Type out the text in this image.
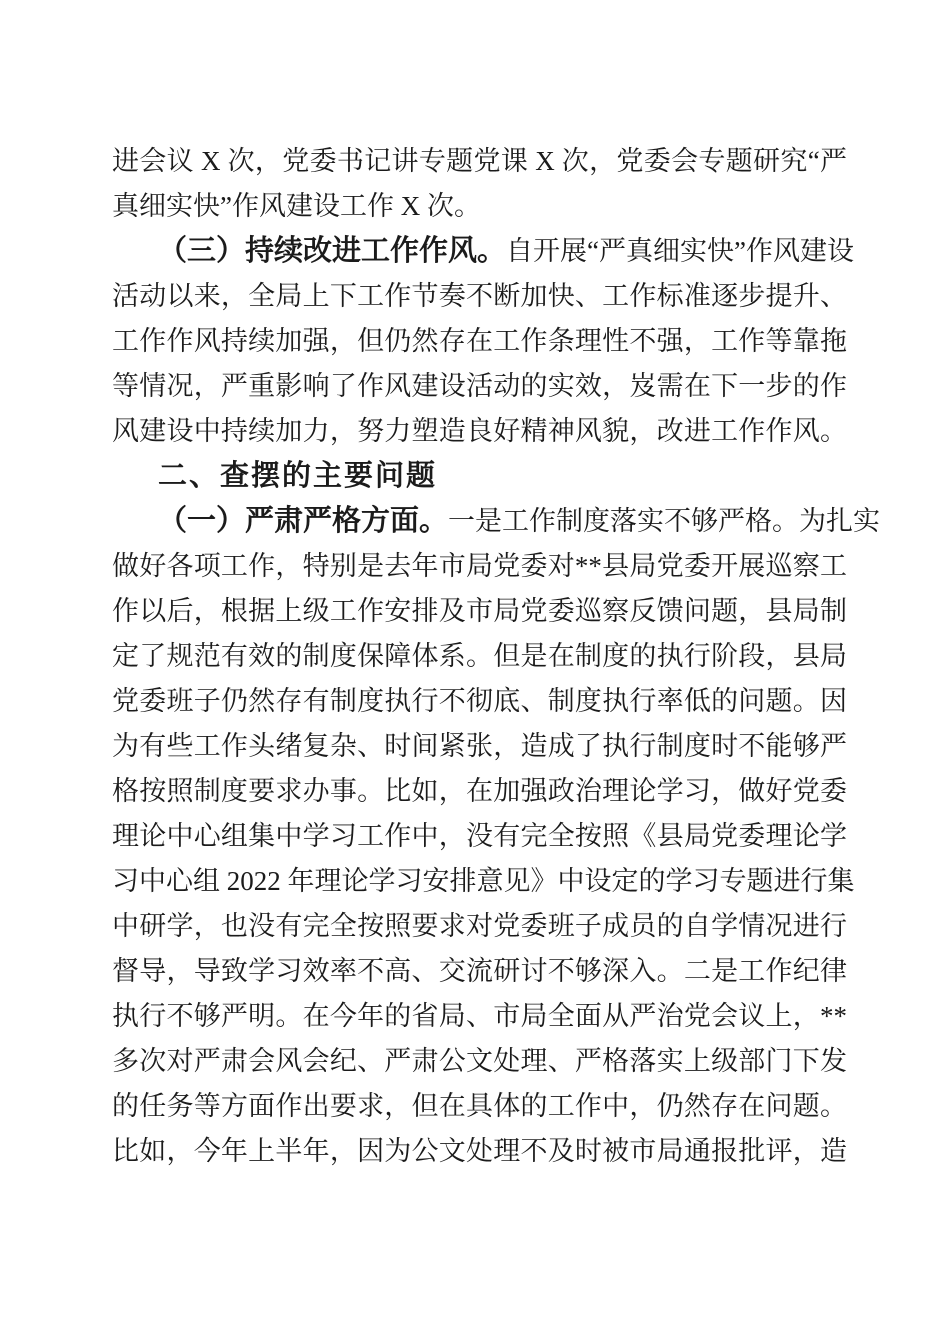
进会议 X 次，党委书记讲专题党课 X 次，党委会专题研究“严
真细实快”作风建设工作 X 次。
（三）持续改进工作作风。自开展“严真细实快”作风建设
活动以来，全局上下工作节奏不断加快、工作标准逐步提升、
工作作风持续加强，但仍然存在工作条理性不强，工作等靠拖
等情况，严重影响了作风建设活动的实效，岌需在下一步的作
风建设中持续加力，努力塑造良好精神风貌，改进工作作风。
二、查摆的主要问题
（一）严肃严格方面。一是工作制度落实不够严格。为扎实
做好各项工作，特别是去年市局党委对**县局党委开展巡察工
作以后，根据上级工作安排及市局党委巡察反馈问题，县局制
定了规范有效的制度保障体系。但是在制度的执行阶段，县局
党委班子仍然存有制度执行不彻底、制度执行率低的问题。因
为有些工作头绪复杂、时间紧张，造成了执行制度时不能够严
格按照制度要求办事。比如，在加强政治理论学习，做好党委
理论中心组集中学习工作中，没有完全按照《县局党委理论学
习中心组 2022 年理论学习安排意见》中设定的学习专题进行集
中研学，也没有完全按照要求对党委班子成员的自学情况进行
督导，导致学习效率不高、交流研讨不够深入。二是工作纪律
执行不够严明。在今年的省局、市局全面从严治党会议上，**
多次对严肃会风会纪、严肃公文处理、严格落实上级部门下发
的任务等方面作出要求，但在具体的工作中，仍然存在问题。
比如，今年上半年，因为公文处理不及时被市局通报批评，造
